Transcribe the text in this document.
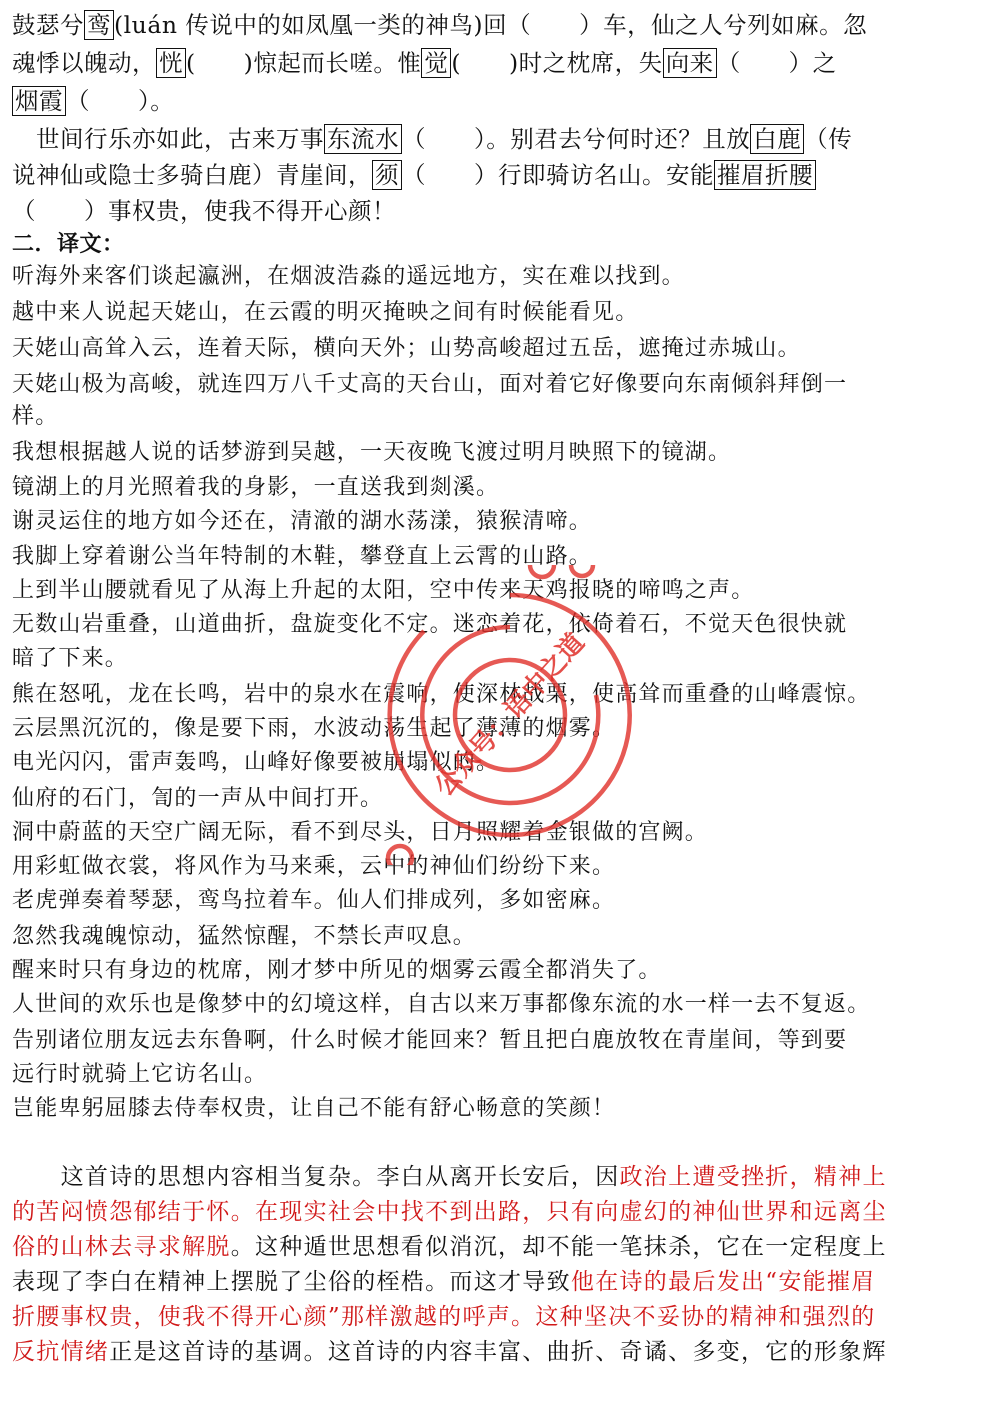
鼓瑟兮 鸾 (luán 传说中的如凤凰一类的神鸟)回（　　）车，仙之人兮列如麻。忽
魂悸以魄动， 恍 (　　)惊起而长嗟。惟 觉 (　　)时之枕席，失 向来 （　　）之
烟霞 （　　）。
　世间行乐亦如此，古来万事 东流水 （　　）。别君去兮何时还？且放 白鹿 （传
说神仙或隐士多骑白鹿）青崖间， 须 （　　）行即骑访名山。安能 摧眉折腰
（　　）事权贵，使我不得开心颜！
二．译文：
听海外来客们谈起瀛洲，在烟波浩淼的遥远地方，实在难以找到。
越中来人说起天姥山，在云霞的明灭掩映之间有时候能看见。
天姥山高耸入云，连着天际，横向天外；山势高峻超过五岳，遮掩过赤城山。
天姥山极为高峻，就连四万八千丈高的天台山，面对着它好像要向东南倾斜拜倒一
样。
我想根据越人说的话梦游到吴越，一天夜晚飞渡过明月映照下的镜湖。
镜湖上的月光照着我的身影，一直送我到剡溪。
谢灵运住的地方如今还在，清澈的湖水荡漾，猿猴清啼。
我脚上穿着谢公当年特制的木鞋，攀登直上云霄的山路。
上到半山腰就看见了从海上升起的太阳，空中传来天鸡报晓的啼鸣之声。
无数山岩重叠，山道曲折，盘旋变化不定。迷恋着花，依倚着石，不觉天色很快就
暗了下来。
熊在怒吼，龙在长鸣，岩中的泉水在震响，使深林战栗，使高耸而重叠的山峰震惊。
云层黑沉沉的，像是要下雨，水波动荡生起了薄薄的烟雾。
电光闪闪，雷声轰鸣，山峰好像要被崩塌似的。
仙府的石门，訇的一声从中间打开。
洞中蔚蓝的天空广阔无际，看不到尽头，日月照耀着金银做的宫阙。
用彩虹做衣裳，将风作为马来乘，云中的神仙们纷纷下来。
老虎弹奏着琴瑟，鸾鸟拉着车。仙人们排成列，多如密麻。
忽然我魂魄惊动，猛然惊醒，不禁长声叹息。
醒来时只有身边的枕席，刚才梦中所见的烟雾云霞全都消失了。
人世间的欢乐也是像梦中的幻境这样，自古以来万事都像东流的水一样一去不复返。
告别诸位朋友远去东鲁啊，什么时候才能回来？暂且把白鹿放牧在青崖间，等到要
远行时就骑上它访名山。
岂能卑躬屈膝去侍奉权贵，让自己不能有舒心畅意的笑颜！
　　这首诗的思想内容相当复杂。李白从离开长安后，因政治上遭受挫折，精神上
的苦闷愤怨郁结于怀。在现实社会中找不到出路，只有向虚幻的神仙世界和远离尘
俗的山林去寻求解脱。这种遁世思想看似消沉，却不能一笔抹杀，它在一定程度上
表现了李白在精神上摆脱了尘俗的桎梏。而这才导致他在诗的最后发出“安能摧眉
折腰事权贵，使我不得开心颜”那样激越的呼声。这种坚决不妥协的精神和强烈的
反抗情绪正是这首诗的基调。这首诗的内容丰富、曲折、奇谲、多变，它的形象辉
公众号：语中之道
